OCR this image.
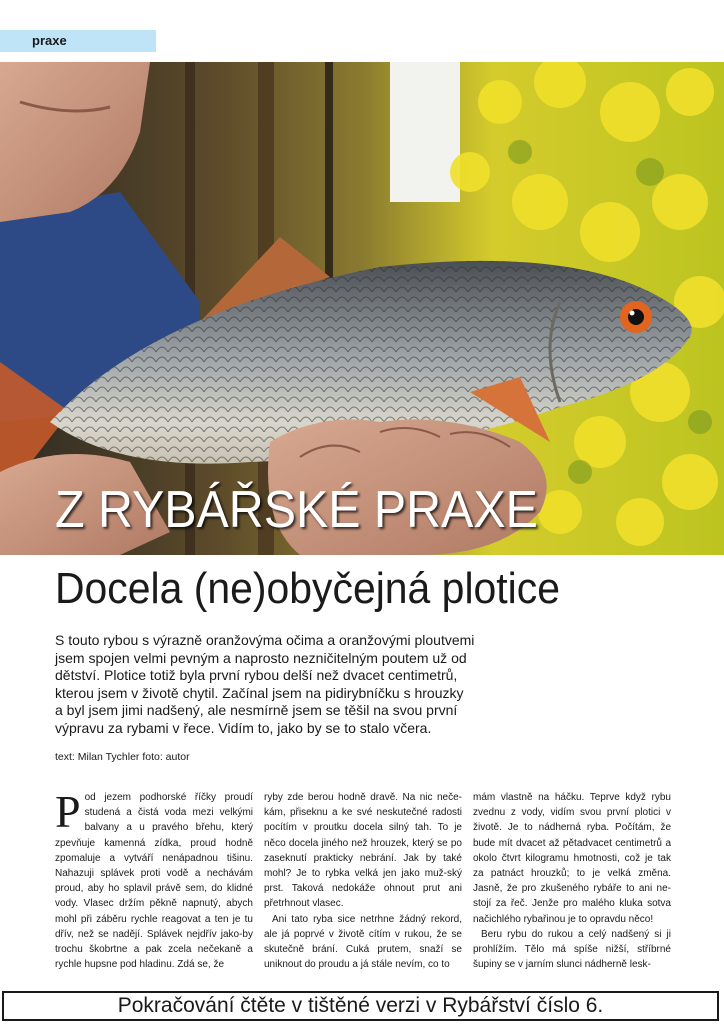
praxe
Z RYBÁŘSKÉ PRAXE
Docela (ne)obyčejná plotice

S touto rybou s výrazně oranžovýma očima a oranžovými ploutvemi jsem spojen velmi pevným a naprosto nezničitelným poutem už od dětství. Plotice totiž byla první rybou delší než dvacet centimetrů, kterou jsem v životě chytil. Začínal jsem na pidirybníčku s hrouzky a byl jsem jimi nadšený, ale nesmírně jsem se těšil na svou první výpravu za rybami v řece. Vidím to, jako by se to stalo včera.

text: Milan Tychler foto: autor

Pod jezem podhorské říčky proudí studená a čistá voda mezi velkými balvany a u pravého břehu, který zpevňuje kamenná zídka, proud hodně zpomaluje a vytváří nenápadnou tišinu. Nahazuji splávek proti vodě a nechávám proud, aby ho splavil právě sem, do klidné vody. Vlasec držím pěkně napnutý, abych mohl při záběru rychle reagovat a ten je tu dřív, než se nadějí. Splávek nejdřív jako-by trochu škobrtne a pak zcela nečekaně a rychle hupsne pod hladinu. Zdá se, že

ryby zde berou hodně dravě. Na nic neče-kám, přiseknu a ke své neskutečné radosti pocítím v proutku docela silný tah. To je něco docela jiného než hrouzek, který se po zaseknutí prakticky nebrání. Jak by také mohl? Je to rybka velká jen jako muž-ský prst. Taková nedokáže ohnout prut ani přetrhnout vlasec.

Ani tato ryba sice netrhne žádný rekord, ale já poprvé v životě cítím v rukou, že se skutečně brání. Cuká prutem, snaží se uniknout do proudu a já stále nevím, co to

mám vlastně na háčku. Teprve když rybu zvednu z vody, vidím svou první plotici v životě. Je to nádherná ryba. Počítám, že bude mít dvacet až pětadvacet centimetrů a okolo čtvrt kilogramu hmotnosti, což je tak za patnáct hrouzků; to je velká změna. Jasně, že pro zkušeného rybáře to ani ne-stojí za řeč. Jenže pro malého kluka sotva načichlého rybařinou je to opravdu něco!

Beru rybu do rukou a celý nadšený si ji prohlížím. Tělo má spíše nižší, stříbrné šupiny se v jarním slunci nádherně lesk-

Pokračování čtěte v tištěné verzi v Rybářství číslo 6.
